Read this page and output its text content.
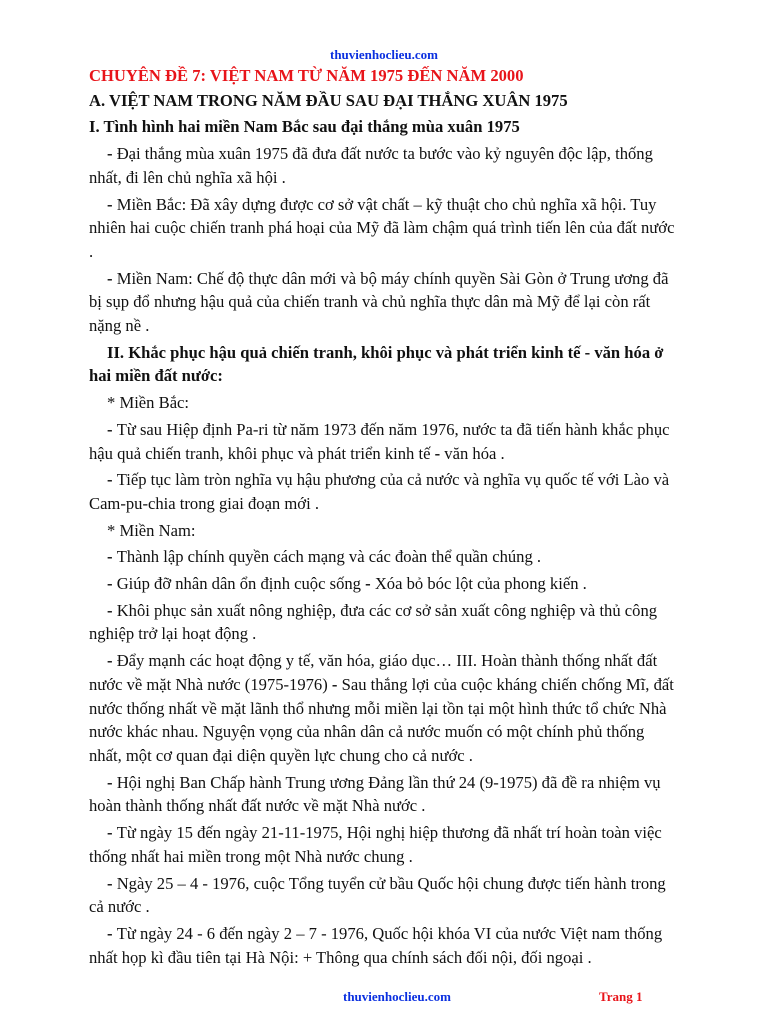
thuvienhoclieu.com

CHUYÊN ĐỀ 7: VIỆT NAM TỪ NĂM 1975 ĐẾN NĂM 2000

A. VIỆT NAM TRONG NĂM ĐẦU SAU ĐẠI THẮNG XUÂN 1975

I. Tình hình hai miền Nam Bắc sau đại thắng mùa xuân 1975

- Đại thắng mùa xuân 1975 đã đưa đất nước ta bước vào kỷ nguyên độc lập, thống nhất, đi lên chủ nghĩa xã hội .

- Miền Bắc: Đã xây dựng được cơ sở vật chất – kỹ thuật cho chủ nghĩa xã hội. Tuy nhiên hai cuộc chiến tranh phá hoại của Mỹ đã làm chậm quá trình tiến lên của đất nước .

- Miền Nam: Chế độ thực dân mới và bộ máy chính quyền Sài Gòn ở Trung ương đã bị sụp đổ nhưng hậu quả của chiến tranh và chủ nghĩa thực dân mà Mỹ để lại còn rất nặng nề .

II. Khắc phục hậu quả chiến tranh, khôi phục và phát triển kinh tế - văn hóa ở hai miền đất nước:

* Miền Bắc:

- Từ sau Hiệp định Pa-ri từ năm 1973 đến năm 1976, nước ta đã tiến hành khắc phục hậu quả chiến tranh, khôi phục và phát triển kinh tế - văn hóa .

- Tiếp tục làm tròn nghĩa vụ hậu phương của cả nước và nghĩa vụ quốc tế với Lào và Cam-pu-chia trong giai đoạn mới .

* Miền Nam:

- Thành lập chính quyền cách mạng và các đoàn thể quần chúng .

- Giúp đỡ nhân dân ổn định cuộc sống - Xóa bỏ bóc lột của phong kiến .

- Khôi phục sản xuất nông nghiệp, đưa các cơ sở sản xuất công nghiệp và thủ công nghiệp trở lại hoạt động .

- Đẩy mạnh các hoạt động y tế, văn hóa, giáo dục… III. Hoàn thành thống nhất đất nước về mặt Nhà nước (1975-1976) - Sau thắng lợi của cuộc kháng chiến chống Mĩ, đất nước thống nhất về mặt lãnh thổ nhưng mỗi miền lại tồn tại một hình thức tổ chức Nhà nước khác nhau. Nguyện vọng của nhân dân cả nước muốn có một chính phủ thống nhất, một cơ quan đại diện quyền lực chung cho cả nước .

- Hội nghị Ban Chấp hành Trung ương Đảng lần thứ 24 (9-1975) đã đề ra nhiệm vụ hoàn thành thống nhất đất nước về mặt Nhà nước .

- Từ ngày 15 đến ngày 21-11-1975, Hội nghị hiệp thương đã nhất trí hoàn toàn việc thống nhất hai miền trong một Nhà nước chung .

- Ngày 25 – 4 - 1976, cuộc Tổng tuyển cử bầu Quốc hội chung được tiến hành trong cả nước .

- Từ ngày 24 - 6 đến ngày 2 – 7 - 1976, Quốc hội khóa VI của nước Việt nam thống nhất họp kì đầu tiên tại Hà Nội: + Thông qua chính sách đối nội, đối ngoại .

thuvienhoclieu.com	Trang 1
